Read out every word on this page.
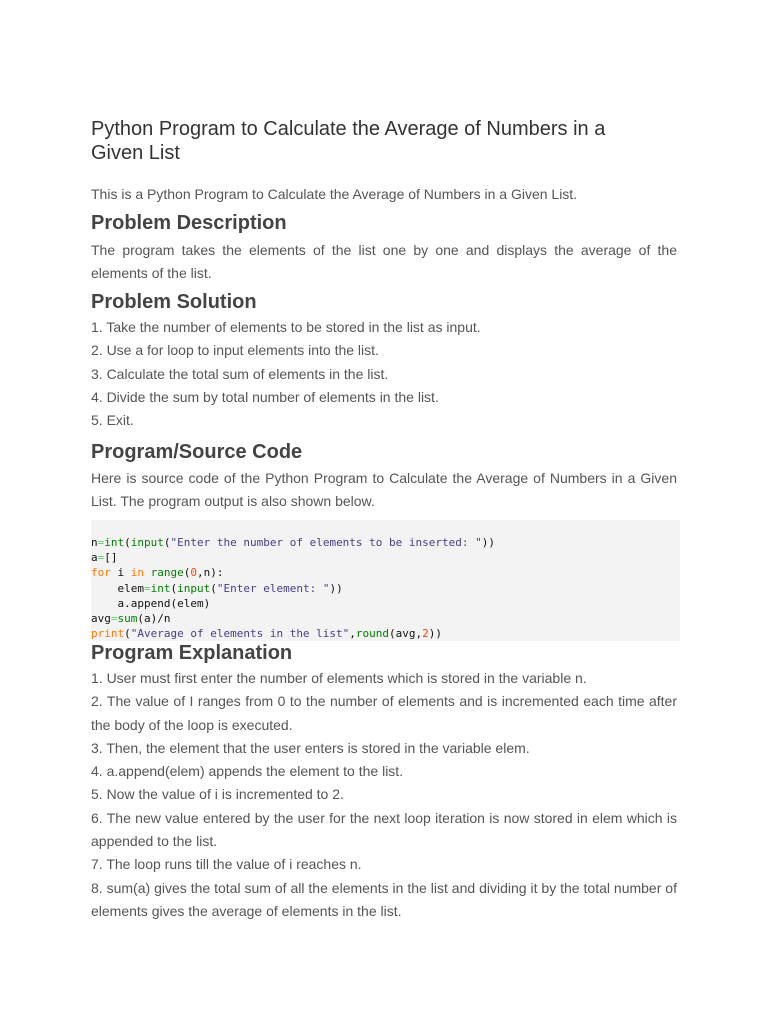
Python Program to Calculate the Average of Numbers in a Given List

This is a Python Program to Calculate the Average of Numbers in a Given List.

Problem Description

The program takes the elements of the list one by one and displays the average of the elements of the list.

Problem Solution
1. Take the number of elements to be stored in the list as input.
2. Use a for loop to input elements into the list.
3. Calculate the total sum of elements in the list.
4. Divide the sum by total number of elements in the list.
5. Exit.
Program/Source Code

Here is source code of the Python Program to Calculate the Average of Numbers in a Given List. The program output is also shown below.

n=int(input("Enter the number of elements to be inserted: "))
a=[]
for i in range(0,n):
elem=int(input("Enter element: "))
a.append(elem)
avg=sum(a)/n
print("Average of elements in the list",round(avg,2))
Program Explanation
1. User must first enter the number of elements which is stored in the variable n.
2. The value of I ranges from 0 to the number of elements and is incremented each time after the body of the loop is executed.
3. Then, the element that the user enters is stored in the variable elem.
4. a.append(elem) appends the element to the list.
5. Now the value of i is incremented to 2.
6. The new value entered by the user for the next loop iteration is now stored in elem which is appended to the list.
7. The loop runs till the value of i reaches n.
8. sum(a) gives the total sum of all the elements in the list and dividing it by the total number of elements gives the average of elements in the list.
